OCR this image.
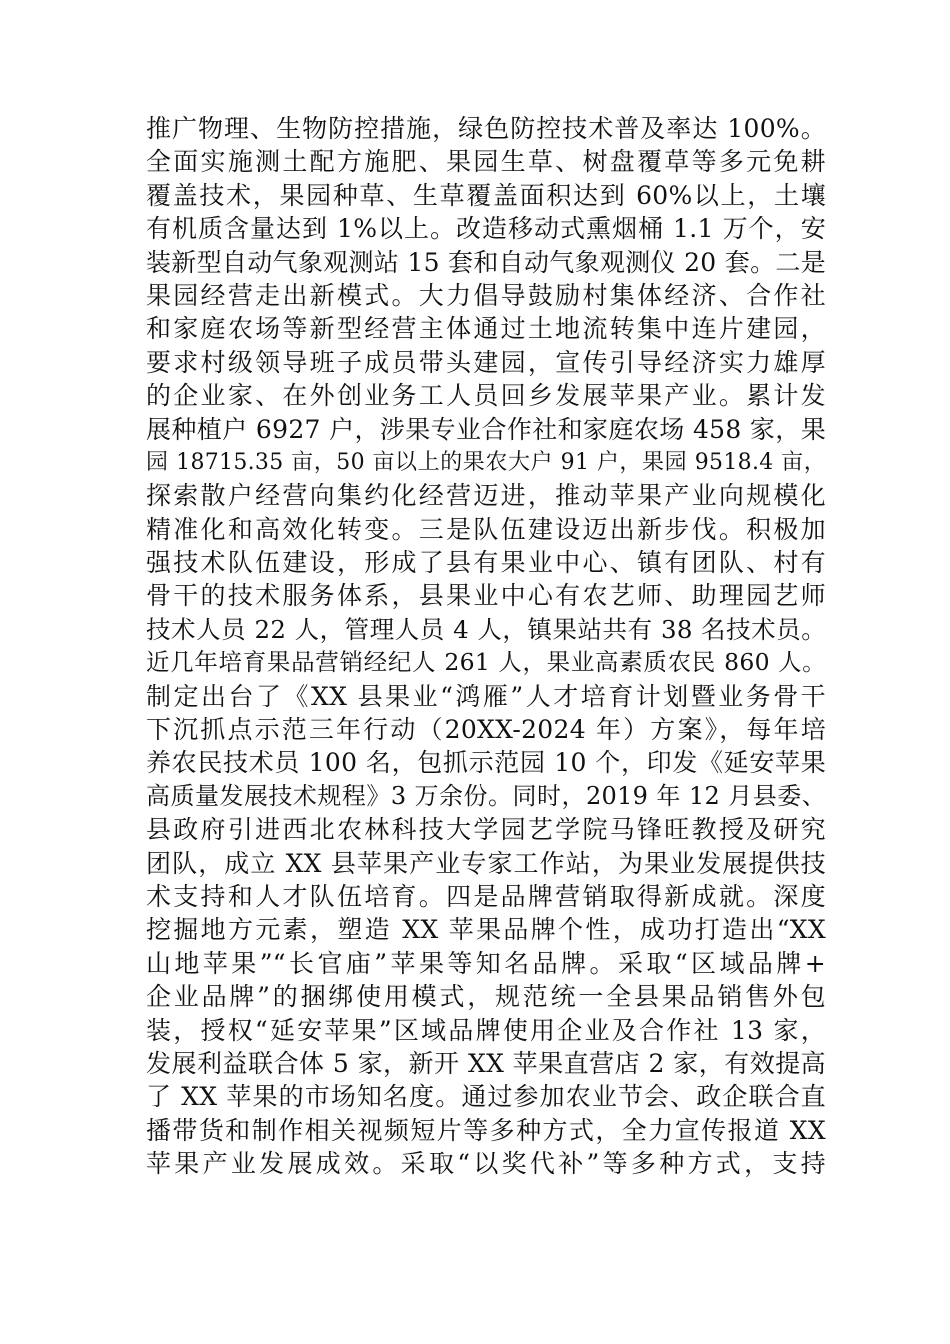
推广物理、生物防控措施，绿色防控技术普及率达 100%。
全面实施测土配方施肥、果园生草、树盘覆草等多元免耕
覆盖技术，果园种草、生草覆盖面积达到 60%以上，土壤
有机质含量达到 1%以上。改造移动式熏烟桶 1.1 万个，安
装新型自动气象观测站 15 套和自动气象观测仪 20 套。二是
果园经营走出新模式。大力倡导鼓励村集体经济、合作社
和家庭农场等新型经营主体通过土地流转集中连片建园，
要求村级领导班子成员带头建园，宣传引导经济实力雄厚
的企业家、在外创业务工人员回乡发展苹果产业。累计发
展种植户 6927 户，涉果专业合作社和家庭农场 458 家，果
园 18715.35 亩，50 亩以上的果农大户 91 户，果园 9518.4 亩，
探索散户经营向集约化经营迈进，推动苹果产业向规模化
精准化和高效化转变。三是队伍建设迈出新步伐。积极加
强技术队伍建设，形成了县有果业中心、镇有团队、村有
骨干的技术服务体系，县果业中心有农艺师、助理园艺师
技术人员 22 人，管理人员 4 人，镇果站共有 38 名技术员。
近几年培育果品营销经纪人 261 人，果业高素质农民 860 人。
制定出台了《XX 县果业“鸿雁”人才培育计划暨业务骨干
下沉抓点示范三年行动（20XX-2024 年）方案》，每年培
养农民技术员 100 名，包抓示范园 10 个，印发《延安苹果
高质量发展技术规程》3 万余份。同时，2019 年 12 月县委、
县政府引进西北农林科技大学园艺学院马锋旺教授及研究
团队，成立 XX 县苹果产业专家工作站，为果业发展提供技
术支持和人才队伍培育。四是品牌营销取得新成就。深度
挖掘地方元素，塑造 XX 苹果品牌个性，成功打造出“XX
山地苹果”“长官庙”苹果等知名品牌。采取“区域品牌+
企业品牌”的捆绑使用模式，规范统一全县果品销售外包
装，授权“延安苹果”区域品牌使用企业及合作社 13 家，
发展利益联合体 5 家，新开 XX 苹果直营店 2 家，有效提高
了 XX 苹果的市场知名度。通过参加农业节会、政企联合直
播带货和制作相关视频短片等多种方式，全力宣传报道 XX
苹果产业发展成效。采取“以奖代补”等多种方式，支持
